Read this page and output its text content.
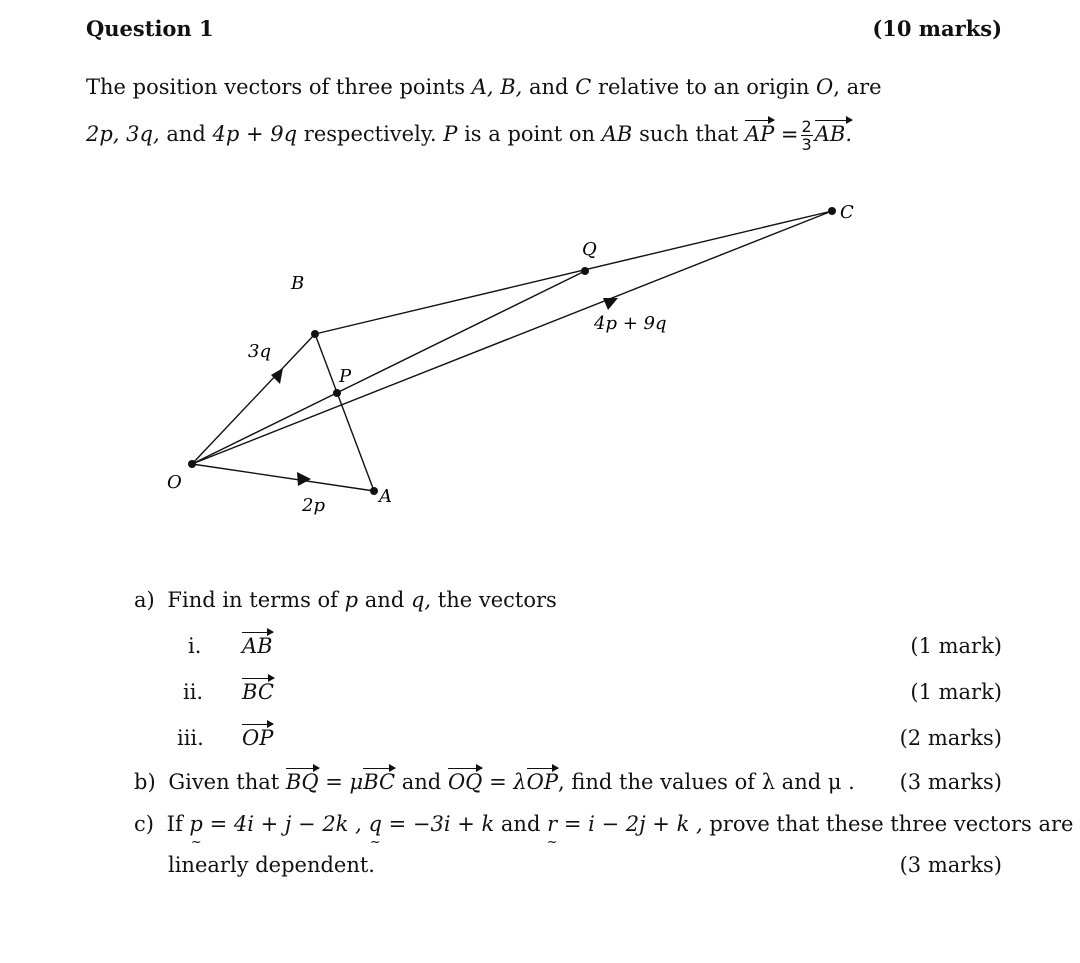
Question 1	(10 marks)
The position vectors of three points A, B, and C relative to an origin O, are
2p, 3q, and 4p + 9q respectively. P is a point on AB such that AP = $\frac{2}{3}$ AB.
O
A
B
C
P
Q
2p
3q
4p + 9q
a) Find in terms of p and q, the vectors
i. AB	(1 mark)
ii. BC	(1 mark)
iii. OP	(2 marks)
b) Given that BQ = μBC and OQ = λOP, find the values of λ and μ . (3 marks)
c) If p ~ = 4i + j − 2k , q ~ = −3i + k and r ~ = i − 2j + k , prove that these three vectors are
linearly dependent.	(3 marks)
